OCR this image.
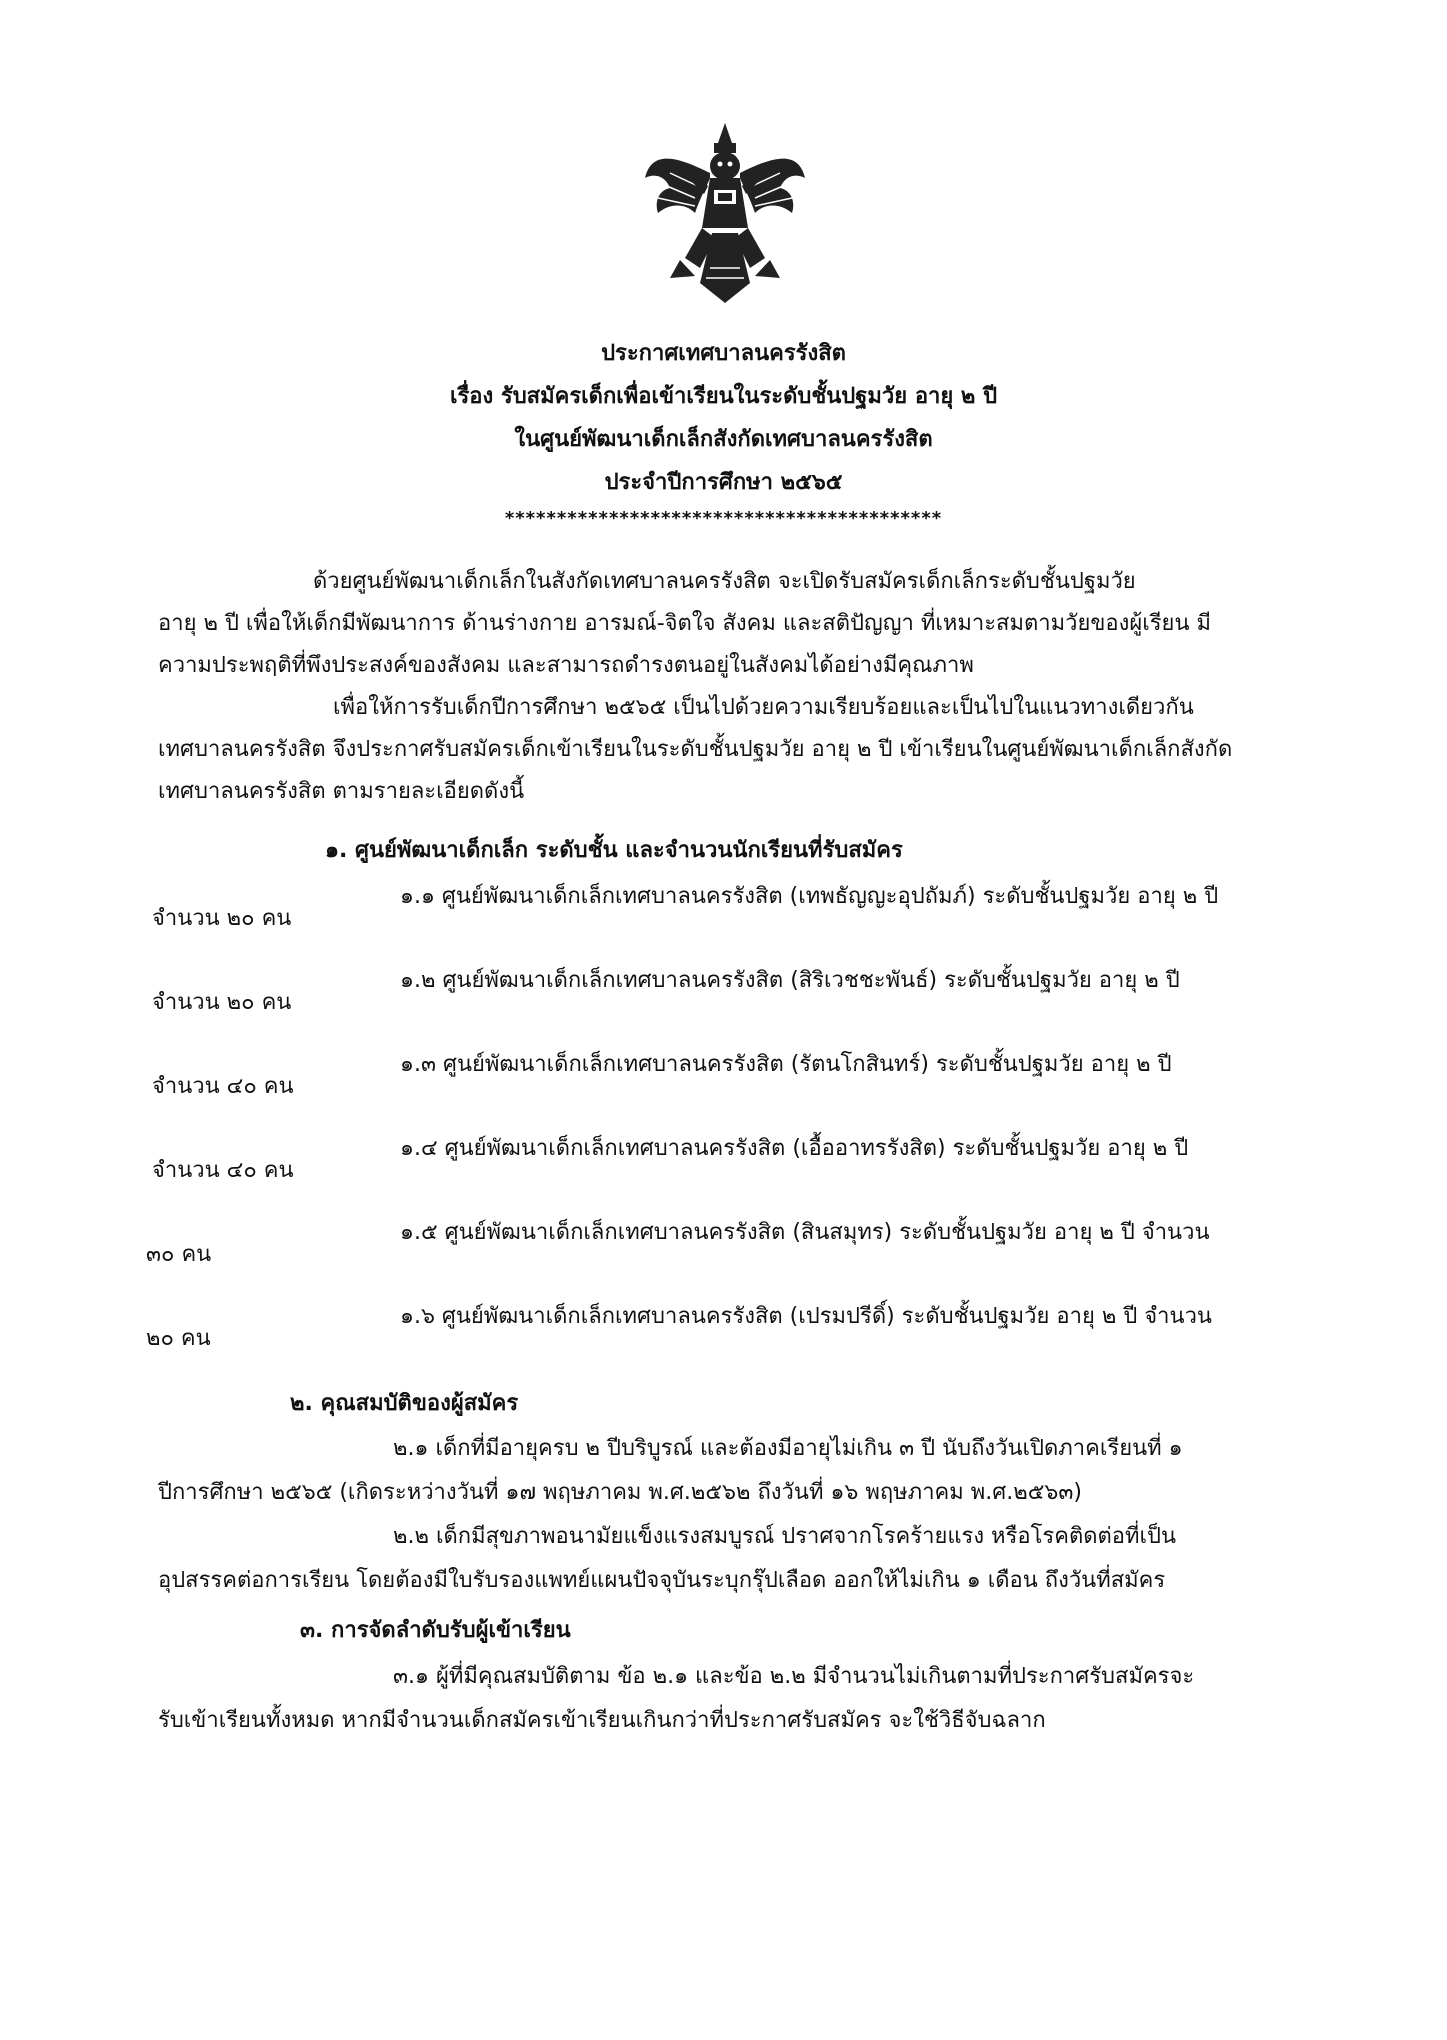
ประกาศเทศบาลนครรังสิต
เรื่อง รับสมัครเด็กเพื่อเข้าเรียนในระดับชั้นปฐมวัย อายุ ๒ ปี
ในศูนย์พัฒนาเด็กเล็กสังกัดเทศบาลนครรังสิต
ประจำปีการศึกษา ๒๕๖๕
******************************************
ด้วยศูนย์พัฒนาเด็กเล็กในสังกัดเทศบาลนครรังสิต จะเปิดรับสมัครเด็กเล็กระดับชั้นปฐมวัย
อายุ ๒ ปี เพื่อให้เด็กมีพัฒนาการ ด้านร่างกาย อารมณ์-จิตใจ สังคม และสติปัญญา ที่เหมาะสมตามวัยของผู้เรียน มี
ความประพฤติที่พึงประสงค์ของสังคม และสามารถดำรงตนอยู่ในสังคมได้อย่างมีคุณภาพ
เพื่อให้การรับเด็กปีการศึกษา ๒๕๖๕ เป็นไปด้วยความเรียบร้อยและเป็นไปในแนวทางเดียวกัน
เทศบาลนครรังสิต จึงประกาศรับสมัครเด็กเข้าเรียนในระดับชั้นปฐมวัย อายุ ๒ ปี เข้าเรียนในศูนย์พัฒนาเด็กเล็กสังกัด
เทศบาลนครรังสิต ตามรายละเอียดดังนี้
๑. ศูนย์พัฒนาเด็กเล็ก ระดับชั้น และจำนวนนักเรียนที่รับสมัคร
๑.๑ ศูนย์พัฒนาเด็กเล็กเทศบาลนครรังสิต (เทพธัญญะอุปถัมภ์) ระดับชั้นปฐมวัย อายุ ๒ ปี
จำนวน ๒๐ คน
๑.๒ ศูนย์พัฒนาเด็กเล็กเทศบาลนครรังสิต (สิริเวชชะพันธ์) ระดับชั้นปฐมวัย อายุ ๒ ปี
จำนวน ๒๐ คน
๑.๓ ศูนย์พัฒนาเด็กเล็กเทศบาลนครรังสิต (รัตนโกสินทร์) ระดับชั้นปฐมวัย อายุ ๒ ปี
จำนวน ๔๐ คน
๑.๔ ศูนย์พัฒนาเด็กเล็กเทศบาลนครรังสิต (เอื้ออาทรรังสิต) ระดับชั้นปฐมวัย อายุ ๒ ปี
จำนวน ๔๐ คน
๑.๕ ศูนย์พัฒนาเด็กเล็กเทศบาลนครรังสิต (สินสมุทร) ระดับชั้นปฐมวัย อายุ ๒ ปี จำนวน
๓๐ คน
๑.๖ ศูนย์พัฒนาเด็กเล็กเทศบาลนครรังสิต (เปรมปรีดิ์) ระดับชั้นปฐมวัย อายุ ๒ ปี จำนวน
๒๐ คน
๒. คุณสมบัติของผู้สมัคร
๒.๑ เด็กที่มีอายุครบ ๒ ปีบริบูรณ์ และต้องมีอายุไม่เกิน ๓ ปี นับถึงวันเปิดภาคเรียนที่ ๑
ปีการศึกษา ๒๕๖๕ (เกิดระหว่างวันที่ ๑๗ พฤษภาคม พ.ศ.๒๕๖๒ ถึงวันที่ ๑๖ พฤษภาคม พ.ศ.๒๕๖๓)
๒.๒ เด็กมีสุขภาพอนามัยแข็งแรงสมบูรณ์ ปราศจากโรคร้ายแรง หรือโรคติดต่อที่เป็น
อุปสรรคต่อการเรียน โดยต้องมีใบรับรองแพทย์แผนปัจจุบันระบุกรุ๊ปเลือด ออกให้ไม่เกิน ๑ เดือน ถึงวันที่สมัคร
๓. การจัดลำดับรับผู้เข้าเรียน
๓.๑ ผู้ที่มีคุณสมบัติตาม ข้อ ๒.๑ และข้อ ๒.๒ มีจำนวนไม่เกินตามที่ประกาศรับสมัครจะ
รับเข้าเรียนทั้งหมด หากมีจำนวนเด็กสมัครเข้าเรียนเกินกว่าที่ประกาศรับสมัคร จะใช้วิธีจับฉลาก
